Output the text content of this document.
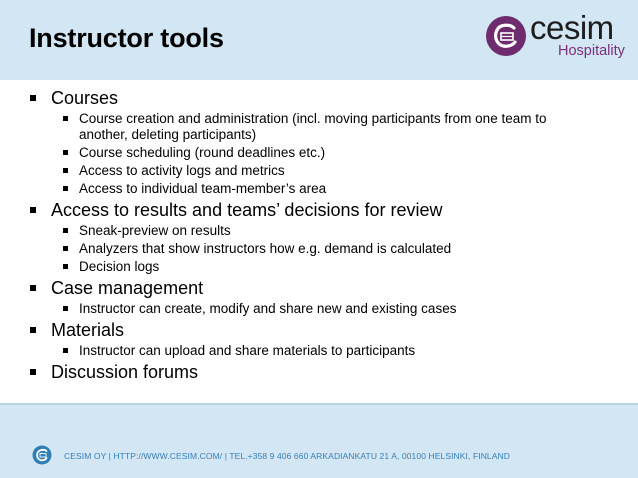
Instructor tools	cesim
Hospitality
Courses
Course creation and administration (incl. moving participants from one team to another, deleting participants)
Course scheduling (round deadlines etc.)
Access to activity logs and metrics
Access to individual team-member’s area
Access to results and teams’ decisions for review
Sneak-preview on results
Analyzers that show instructors how e.g. demand is calculated
Decision logs
Case management
Instructor can create, modify and share new and existing cases
Materials
Instructor can upload and share materials to participants
Discussion forums
CESIM OY | HTTP://WWW.CESIM.COM/ | TEL.+358 9 406 660 ARKADIANKATU 21 A, 00100 HELSINKI, FINLAND
